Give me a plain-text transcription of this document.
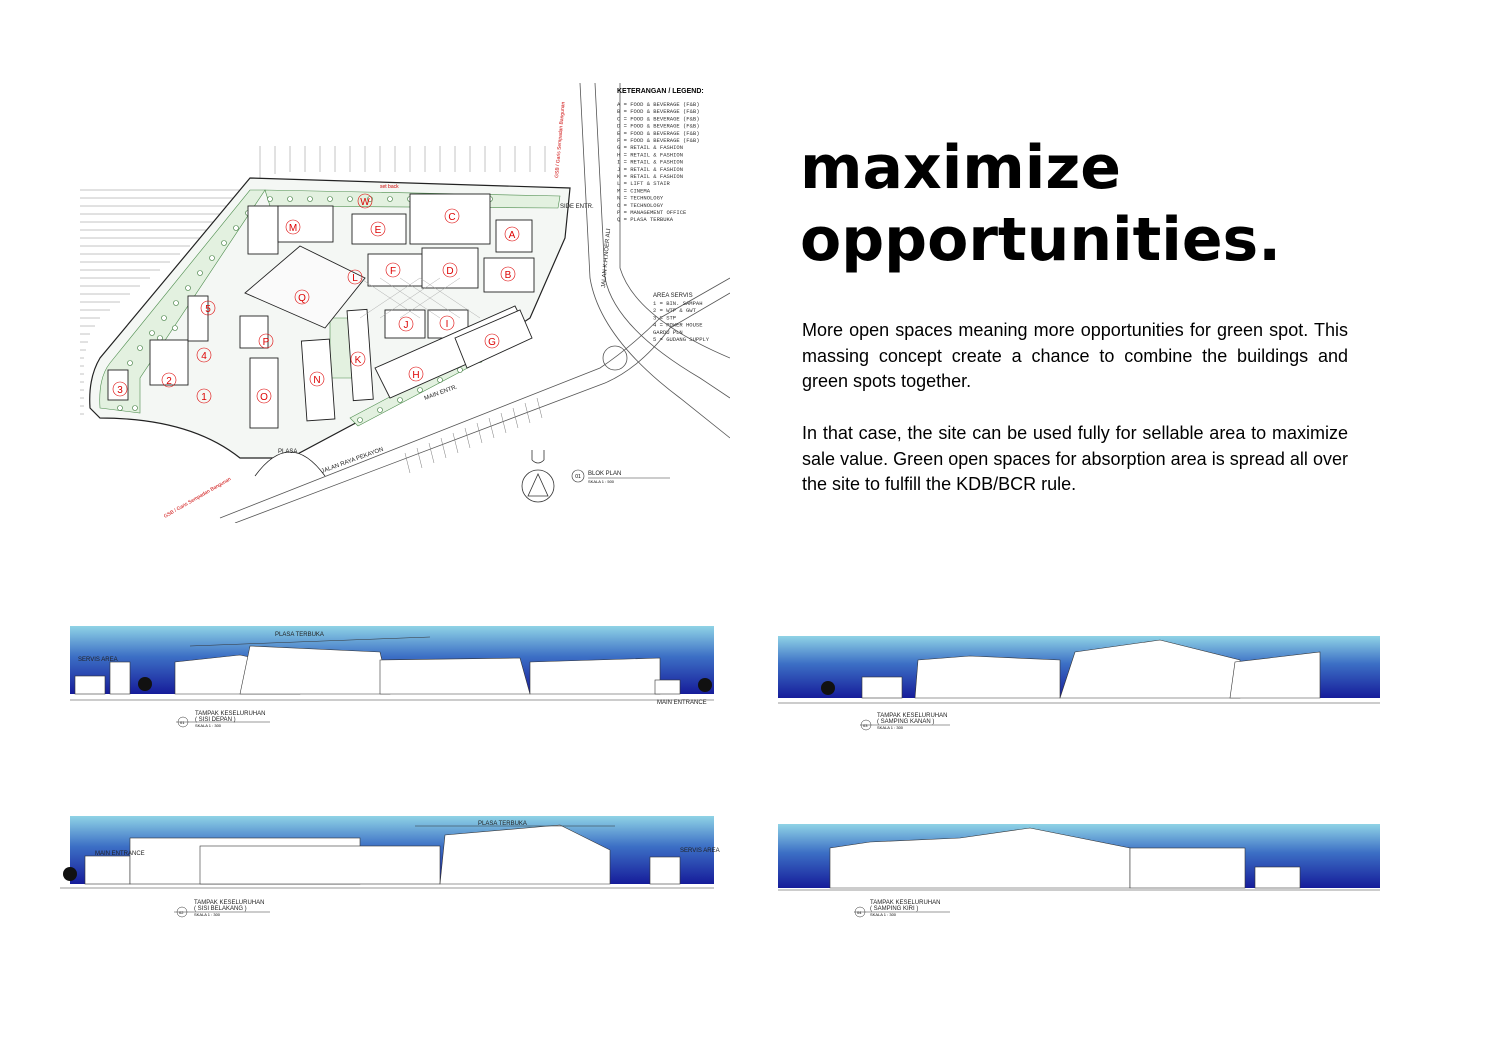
PLASA
A
B
C
D
E
F
G
H
I
J
K
L
M
N
O
P
Q
W
1
2
3
4
5
GSB / Garis Sempadan Bangunan
GSB / Garis Sempadan Bangunan
set back
MAIN ENTR.
SIDE ENTR.
JALAN RAYA PEKAYON
JALAN K.H.NOER ALI
KETERANGAN / LEGEND:
A = FOOD & BEVERAGE (F&B)
B = FOOD & BEVERAGE (F&B)
C = FOOD & BEVERAGE (F&B)
D = FOOD & BEVERAGE (F&B)
E = FOOD & BEVERAGE (F&B)
F = FOOD & BEVERAGE (F&B)
G = RETAIL & FASHION
H = RETAIL & FASHION
I = RETAIL & FASHION
J = RETAIL & FASHION
K = RETAIL & FASHION
L = LIFT & STAIR
M = CINEMA
N = TECHNOLOGY
O = TECHNOLOGY
P = MANAGEMENT OFFICE
Q = PLASA TERBUKA
AREA SERVIS
1 = BIN. SAMPAH
2 = WTP & GWT
3 = STP
4 = POWER HOUSE
GARDU PLN
5 = GUDANG SUPPLY
01 BLOK PLAN
SKALA 1 : 500
maximize
opportunities.

More open spaces meaning more opportunities for green spot. This massing concept create a chance to combine the buildings and green spots together.

In that case, the site can be used fully for sellable area to maximize sale value. Green open spaces for absorption area is spread all over the site to fulfill the KDB/BCR rule.

PLASA TERBUKA
SERVIS AREA
MAIN ENTRANCE
01
TAMPAK KESELURUHAN
( SISI DEPAN )
SKALA 1 : 300	03
TAMPAK KESELURUHAN
( SAMPING KANAN )
SKALA 1 : 300
PLASA TERBUKA
MAIN ENTRANCE	SERVIS AREA
02
TAMPAK KESELURUHAN
( SISI BELAKANG )
SKALA 1 : 300	04
TAMPAK KESELURUHAN
( SAMPING KIRI )
SKALA 1 : 300
